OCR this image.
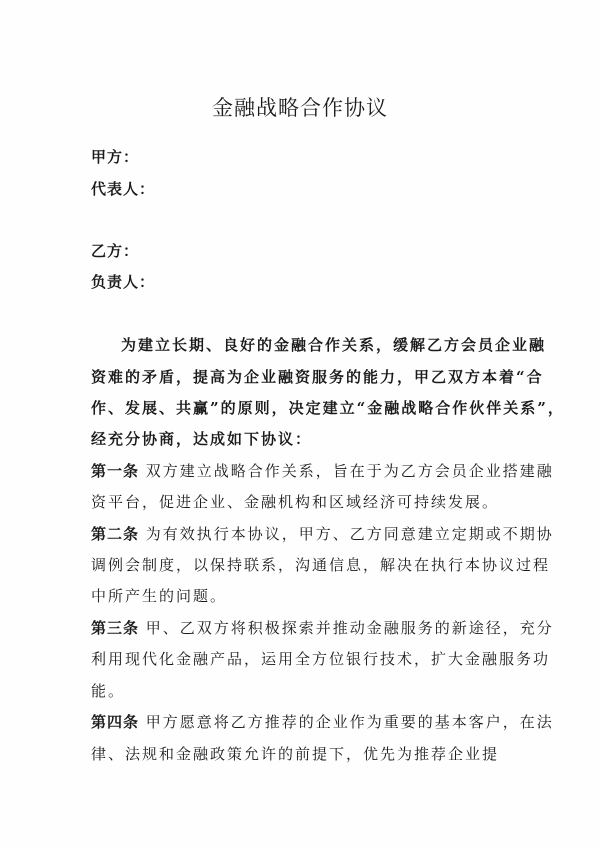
金融战略合作协议
甲方：
代表人：
乙方：
负责人：
为建立长期、良好的金融合作关系，缓解乙方会员企业融
资难的矛盾，提高为企业融资服务的能力，甲乙双方本着“合
作、发展、共赢”的原则，决定建立“金融战略合作伙伴关系”，
经充分协商，达成如下协议：
第一条 双方建立战略合作关系，旨在于为乙方会员企业搭建融
资平台，促进企业、金融机构和区域经济可持续发展。
第二条 为有效执行本协议，甲方、乙方同意建立定期或不期协
调例会制度，以保持联系，沟通信息，解决在执行本协议过程
中所产生的问题。
第三条 甲、乙双方将积极探索并推动金融服务的新途径，充分
利用现代化金融产品，运用全方位银行技术，扩大金融服务功
能。
第四条 甲方愿意将乙方推荐的企业作为重要的基本客户，在法
律、法规和金融政策允许的前提下，优先为推荐企业提
